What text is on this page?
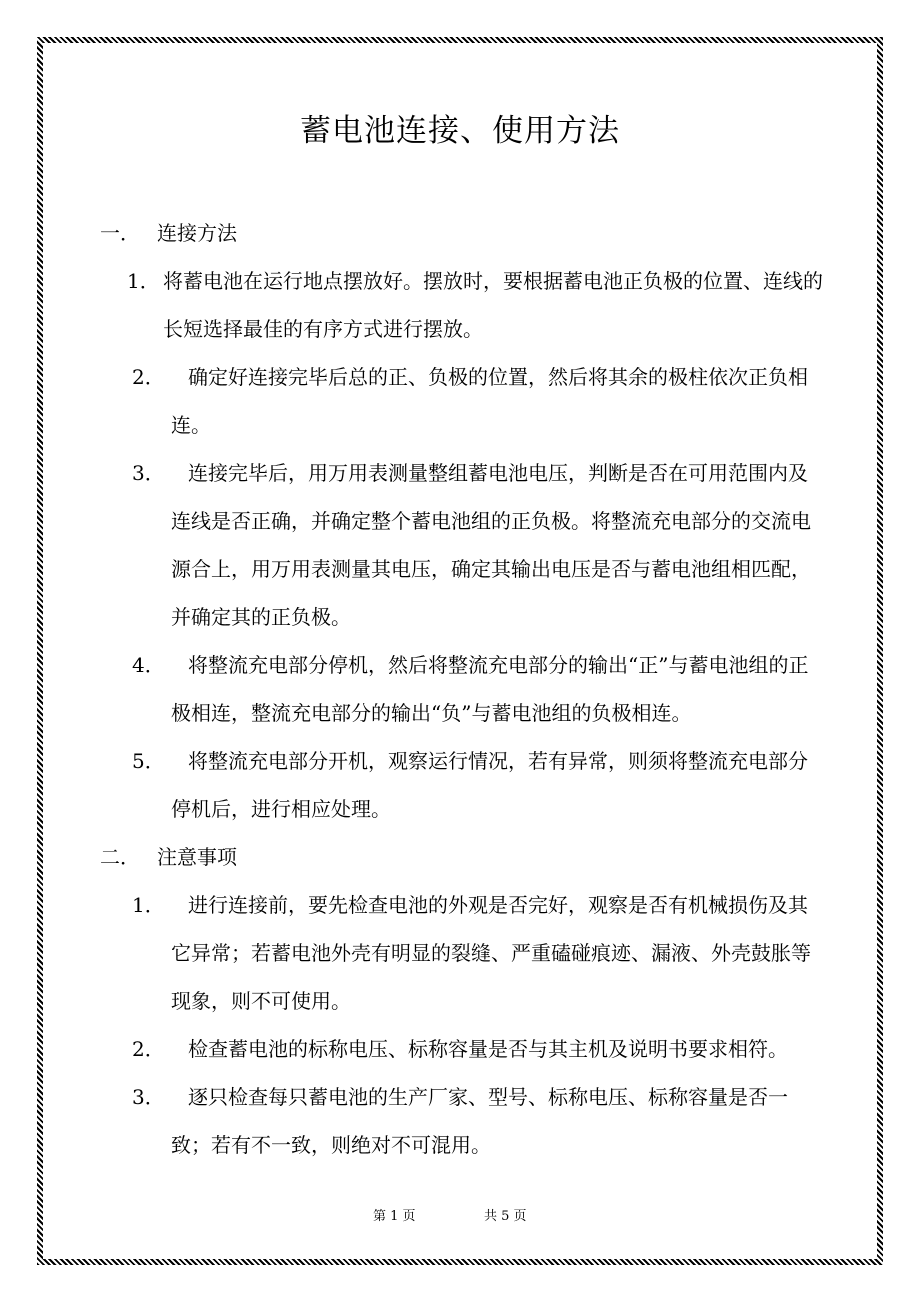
蓄电池连接、使用方法
一． 连接方法
1． 将蓄电池在运行地点摆放好。摆放时，要根据蓄电池正负极的位置、连线的长短选择最佳的有序方式进行摆放。
2．	确定好连接完毕后总的正、负极的位置，然后将其余的极柱依次正负相连。
3．	连接完毕后，用万用表测量整组蓄电池电压，判断是否在可用范围内及连线是否正确，并确定整个蓄电池组的正负极。将整流充电部分的交流电源合上，用万用表测量其电压，确定其输出电压是否与蓄电池组相匹配，并确定其的正负极。
4．	将整流充电部分停机，然后将整流充电部分的输出“正”与蓄电池组的正极相连，整流充电部分的输出“负”与蓄电池组的负极相连。
5．	将整流充电部分开机，观察运行情况，若有异常，则须将整流充电部分停机后，进行相应处理。
二． 注意事项
1．	进行连接前，要先检查电池的外观是否完好，观察是否有机械损伤及其它异常；若蓄电池外壳有明显的裂缝、严重磕碰痕迹、漏液、外壳鼓胀等现象，则不可使用。
2．	检查蓄电池的标称电压、标称容量是否与其主机及说明书要求相符。
3．	逐只检查每只蓄电池的生产厂家、型号、标称电压、标称容量是否一致；若有不一致，则绝对不可混用。
第 1 页	共 5 页
